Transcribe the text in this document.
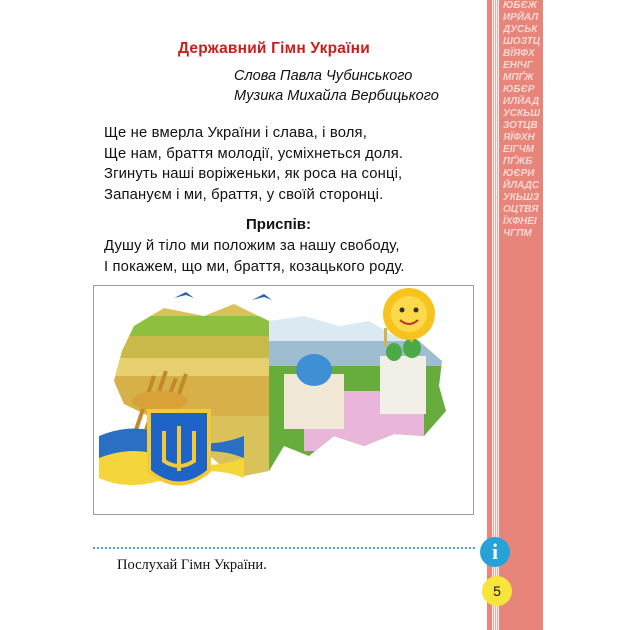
Державний Гімн України
Слова Павла Чубинського
Музика Михайла Вербицького
Ще не вмерла України і слава, і воля,
Ще нам, браття молодії, усміхнеться доля.
Згинуть наші воріженьки, як роса на сонці,
Запануєм і ми, браття, у своїй сторонці.
Приспів:
Душу й тіло ми положим за нашу свободу,
І покажем, що ми, браття, козацького роду.
Послухай Гімн України.
ЮБЄЖИРЙАЛДУСЬКШОЗТЦВЇЯФХЕНІЧГМПҐЖЮБЄРИЛЙАДУСКЬШЗОТЦВЯЇФХНЕІГЧМПҐЖБЮЄРИЙЛАДСУКЬШЗОЦТВЯЇХФНЕІЧГПМ
i
5
